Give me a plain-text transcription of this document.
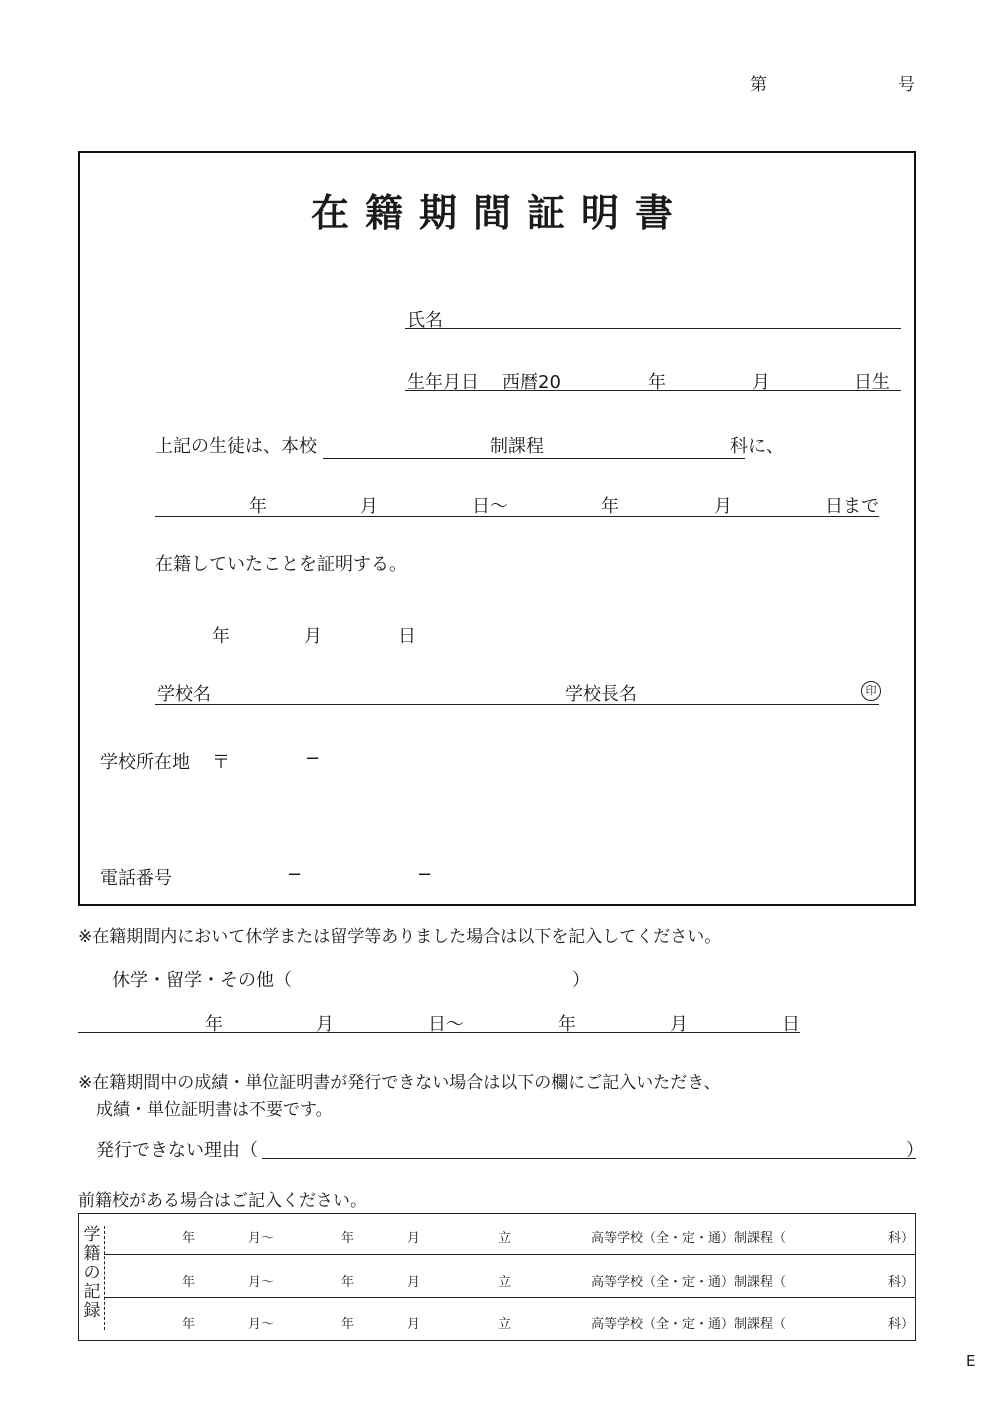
第	号
在籍期間証明書
氏名
生年月日 西暦20	年	月	日生
上記の生徒は、本校	制課程	科に、
年	月	日〜	年	月	日まで
在籍していたことを証明する。
年	月	日
学校名	学校長名	印
学校所在地 〒	−
電話番号	−	−
※在籍期間内において休学または留学等ありました場合は以下を記入してください。
休学・留学・その他（	）
年	月	日〜	年	月	日
※在籍期間中の成績・単位証明書が発行できない場合は以下の欄にご記入いただき、
成績・単位証明書は不要です。
発行できない理由（	）
前籍校がある場合はご記入ください。
学籍の記録
年	月〜	年	月	立	高等学校（全・定・通）制課程（	科）
年	月〜	年	月	立	高等学校（全・定・通）制課程（	科）
年	月〜	年	月	立	高等学校（全・定・通）制課程（	科）
E
